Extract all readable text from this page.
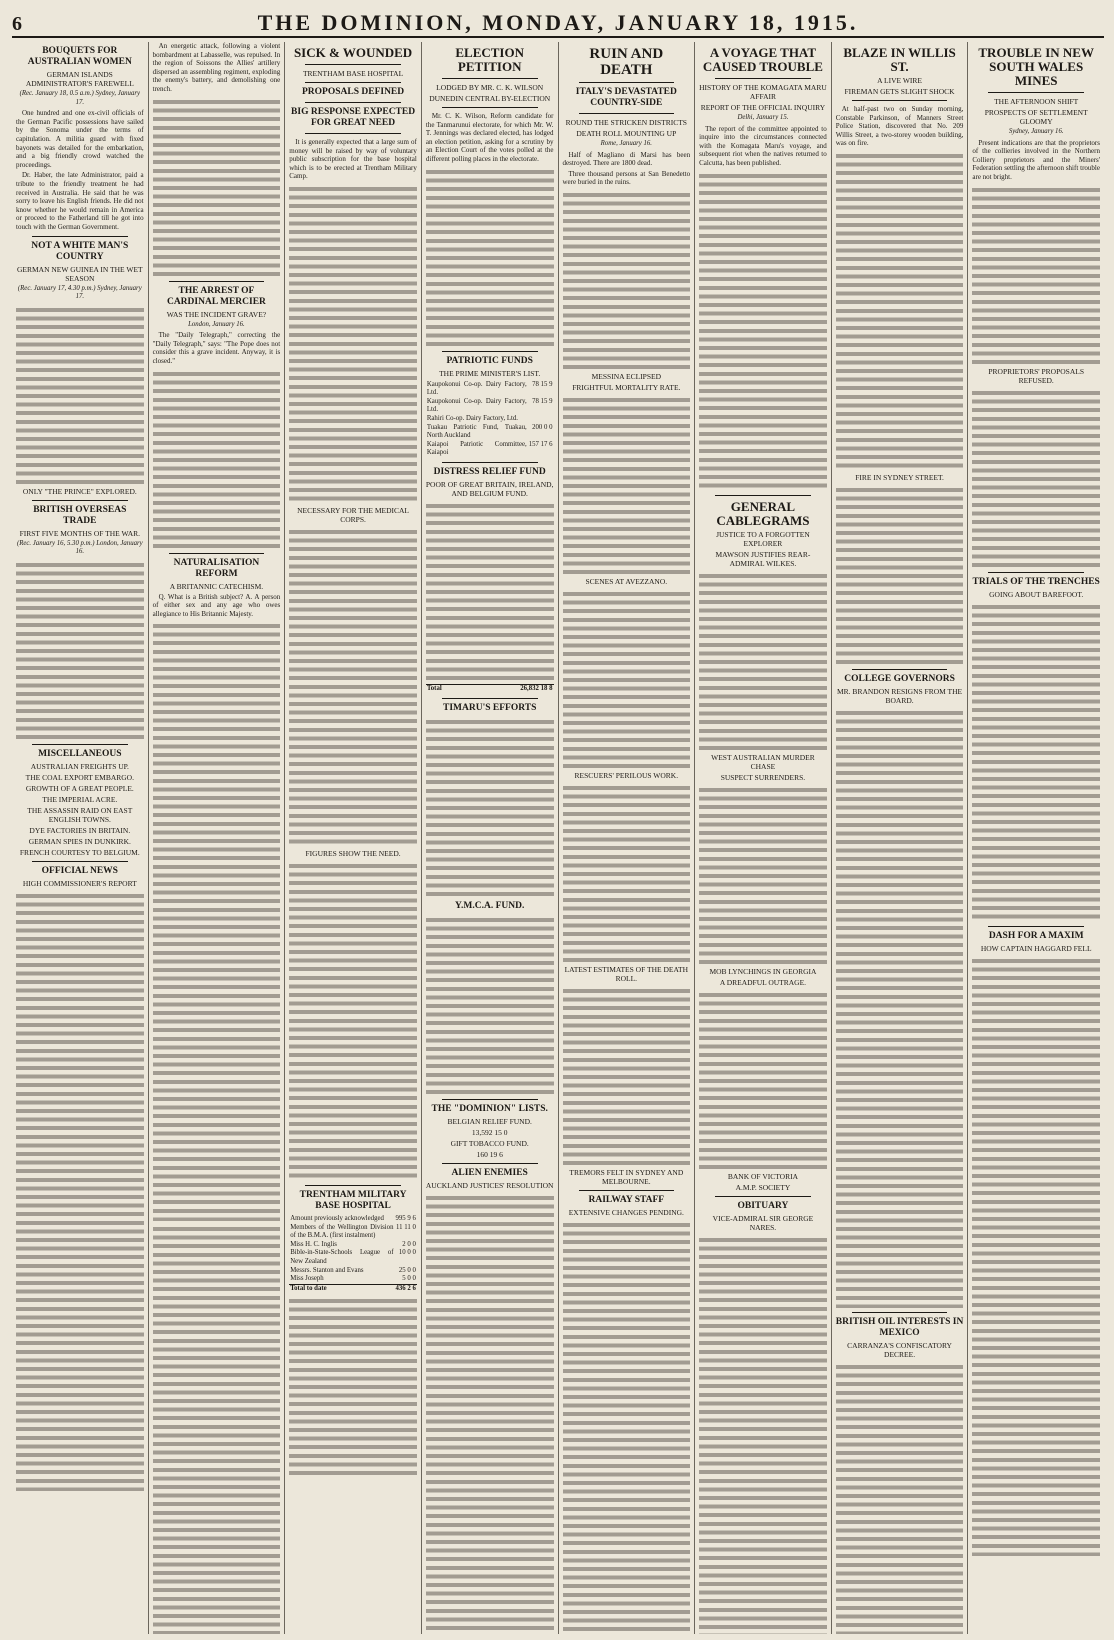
6	THE DOMINION, MONDAY, JANUARY 18, 1915.
BOUQUETS FOR AUSTRALIAN WOMEN
GERMAN ISLANDS ADMINISTRATOR'S FAREWELL
(Rec. January 18, 0.5 a.m.) Sydney, January 17.

One hundred and one ex-civil officials of the German Pacific possessions have sailed by the Sonoma under the terms of capitulation. A militia guard with fixed bayonets was detailed for the embarkation, and a big friendly crowd watched the proceedings.

Dr. Haber, the late Administrator, paid a tribute to the friendly treatment he had received in Australia. He said that he was sorry to leave his English friends. He did not know whether he would remain in America or proceed to the Fatherland till he got into touch with the German Government.

NOT A WHITE MAN'S COUNTRY
GERMAN NEW GUINEA IN THE WET SEASON
(Rec. January 17, 4.30 p.m.) Sydney, January 17.
ONLY "THE PRINCE" EXPLORED.
BRITISH OVERSEAS TRADE
FIRST FIVE MONTHS OF THE WAR.
(Rec. January 16, 5.30 p.m.) London, January 16.
MISCELLANEOUS
AUSTRALIAN FREIGHTS UP.
THE COAL EXPORT EMBARGO.
GROWTH OF A GREAT PEOPLE.
THE IMPERIAL ACRE.
THE ASSASSIN RAID ON EAST ENGLISH TOWNS.
DYE FACTORIES IN BRITAIN.
GERMAN SPIES IN DUNKIRK.
FRENCH COURTESY TO BELGIUM.
OFFICIAL NEWS
HIGH COMMISSIONER'S REPORT

An energetic attack, following a violent bombardment at Labasselle, was repulsed. In the region of Soissons the Allies' artillery dispersed an assembling regiment, exploding the enemy's battery, and demolishing one trench.

THE ARREST OF CARDINAL MERCIER
WAS THE INCIDENT GRAVE?
London, January 16.

The "Daily Telegraph," correcting the "Daily Telegraph," says: "The Pope does not consider this a grave incident. Anyway, it is closed."

NATURALISATION REFORM
A BRITANNIC CATECHISM.

Q. What is a British subject? A. A person of either sex and any age who owes allegiance to His Britannic Majesty.

SICK & WOUNDED
TRENTHAM BASE HOSPITAL
PROPOSALS DEFINED
BIG RESPONSE EXPECTED FOR GREAT NEED

It is generally expected that a large sum of money will be raised by way of voluntary public subscription for the base hospital which is to be erected at Trentham Military Camp.

NECESSARY FOR THE MEDICAL CORPS.
FIGURES SHOW THE NEED.
TRENTHAM MILITARY BASE HOSPITAL
Amount previously acknowledged	995 9 6
Members of the Wellington Division of the B.M.A. (first instalment)	11 11 0
Miss H. C. Inglis	2 0 0
Bible-in-State-Schools League of New Zealand	10 0 0
Messrs. Stanton and Evans	25 0 0
Miss Joseph	5 0 0
Total to date	436 2 6
ELECTION PETITION
LODGED BY MR. C. K. WILSON
DUNEDIN CENTRAL BY-ELECTION

Mr. C. K. Wilson, Reform candidate for the Tanmarunui electorate, for which Mr. W. T. Jennings was declared elected, has lodged an election petition, asking for a scrutiny by an Election Court of the votes polled at the different polling places in the electorate.

PATRIOTIC FUNDS
THE PRIME MINISTER'S LIST.
Kaupokonui Co-op. Dairy Factory, Ltd.	78 15 9
Kaupokonui Co-op. Dairy Factory, Ltd.	78 15 9
Rahiri Co-op. Dairy Factory, Ltd.	
Tuakau Patriotic Fund, Tuakau, North Auckland	200 0 0
Kaiapoi Patriotic Committee, Kaiapoi	157 17 6
DISTRESS RELIEF FUND
POOR OF GREAT BRITAIN, IRELAND, AND BELGIUM FUND.
Total	26,832 18 8
TIMARU'S EFFORTS
Y.M.C.A. FUND.
THE "DOMINION" LISTS.
BELGIAN RELIEF FUND.
13,592 15 0
GIFT TOBACCO FUND.
160 19 6
ALIEN ENEMIES
AUCKLAND JUSTICES' RESOLUTION
RUIN AND DEATH
ITALY'S DEVASTATED COUNTRY-SIDE
ROUND THE STRICKEN DISTRICTS
DEATH ROLL MOUNTING UP
Rome, January 16.

Half of Magliano di Marsi has been destroyed. There are 1800 dead.

Three thousand persons at San Benedetto were buried in the ruins.

MESSINA ECLIPSED
FRIGHTFUL MORTALITY RATE.
SCENES AT AVEZZANO.
RESCUERS' PERILOUS WORK.
LATEST ESTIMATES OF THE DEATH ROLL.
TREMORS FELT IN SYDNEY AND MELBOURNE.
RAILWAY STAFF
EXTENSIVE CHANGES PENDING.
A VOYAGE THAT CAUSED TROUBLE
HISTORY OF THE KOMAGATA MARU AFFAIR
REPORT OF THE OFFICIAL INQUIRY
Delhi, January 15.

The report of the committee appointed to inquire into the circumstances connected with the Komagata Maru's voyage, and subsequent riot when the natives returned to Calcutta, has been published.

GENERAL CABLEGRAMS
JUSTICE TO A FORGOTTEN EXPLORER
MAWSON JUSTIFIES REAR-ADMIRAL WILKES.
WEST AUSTRALIAN MURDER CHASE
SUSPECT SURRENDERS.
MOB LYNCHINGS IN GEORGIA
A DREADFUL OUTRAGE.
BANK OF VICTORIA
A.M.P. SOCIETY
OBITUARY
VICE-ADMIRAL SIR GEORGE NARES.
BLAZE IN WILLIS ST.
A LIVE WIRE
FIREMAN GETS SLIGHT SHOCK

At half-past two on Sunday morning, Constable Parkinson, of Manners Street Police Station, discovered that No. 209 Willis Street, a two-storey wooden building, was on fire.

FIRE IN SYDNEY STREET.
COLLEGE GOVERNORS
MR. BRANDON RESIGNS FROM THE BOARD.
BRITISH OIL INTERESTS IN MEXICO
CARRANZA'S CONFISCATORY DECREE.
TROUBLE IN NEW SOUTH WALES MINES
THE AFTERNOON SHIFT
PROSPECTS OF SETTLEMENT GLOOMY
Sydney, January 16.

Present indications are that the proprietors of the collieries involved in the Northern Colliery proprietors and the Miners' Federation settling the afternoon shift trouble are not bright.

PROPRIETORS' PROPOSALS REFUSED.
TRIALS OF THE TRENCHES
GOING ABOUT BAREFOOT.
DASH FOR A MAXIM
HOW CAPTAIN HAGGARD FELL
